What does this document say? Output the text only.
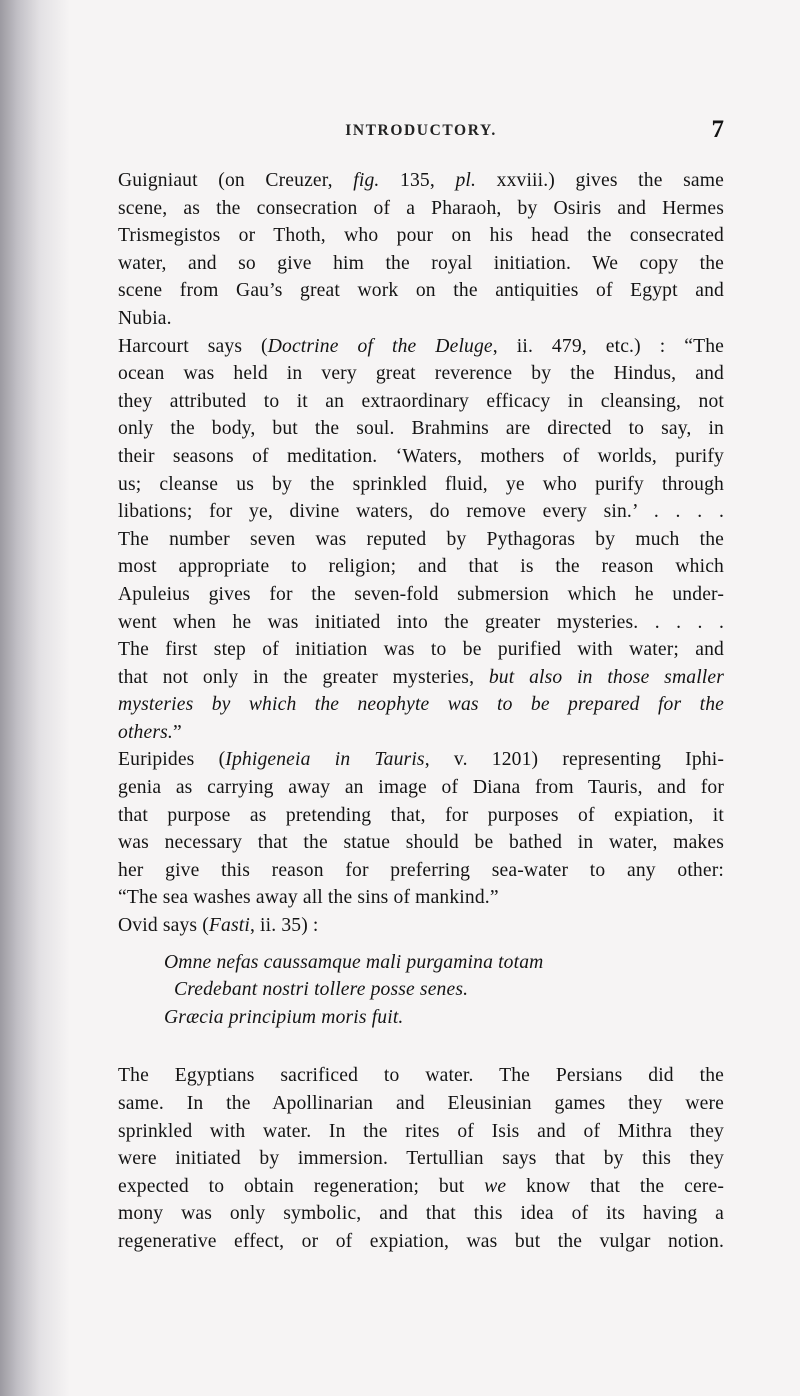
INTRODUCTORY.	7
Guigniaut (on Creuzer, fig. 135, pl. xxviii.) gives the same
scene, as the consecration of a Pharaoh, by Osiris and Hermes
Trismegistos or Thoth, who pour on his head the consecrated
water, and so give him the royal initiation. We copy the
scene from Gau’s great work on the antiquities of Egypt and
Nubia.
Harcourt says (Doctrine of the Deluge, ii. 479, etc.) : “The
ocean was held in very great reverence by the Hindus, and
they attributed to it an extraordinary efficacy in cleansing, not
only the body, but the soul. Brahmins are directed to say, in
their seasons of meditation. ‘Waters, mothers of worlds, purify
us; cleanse us by the sprinkled fluid, ye who purify through
libations; for ye, divine waters, do remove every sin.’ . . . .
The number seven was reputed by Pythagoras by much the
most appropriate to religion; and that is the reason which
Apuleius gives for the seven-fold submersion which he under-
went when he was initiated into the greater mysteries. . . . .
The first step of initiation was to be purified with water; and
that not only in the greater mysteries, but also in those smaller
mysteries by which the neophyte was to be prepared for the
others.”
Euripides (Iphigeneia in Tauris, v. 1201) representing Iphi-
genia as carrying away an image of Diana from Tauris, and for
that purpose as pretending that, for purposes of expiation, it
was necessary that the statue should be bathed in water, makes
her give this reason for preferring sea-water to any other:
“The sea washes away all the sins of mankind.”
Ovid says (Fasti, ii. 35) :
Omne nefas caussamque mali purgamina totam
Credebant nostri tollere posse senes.
Græcia principium moris fuit.
The Egyptians sacrificed to water. The Persians did the
same. In the Apollinarian and Eleusinian games they were
sprinkled with water. In the rites of Isis and of Mithra they
were initiated by immersion. Tertullian says that by this they
expected to obtain regeneration; but we know that the cere-
mony was only symbolic, and that this idea of its having a
regenerative effect, or of expiation, was but the vulgar notion.
